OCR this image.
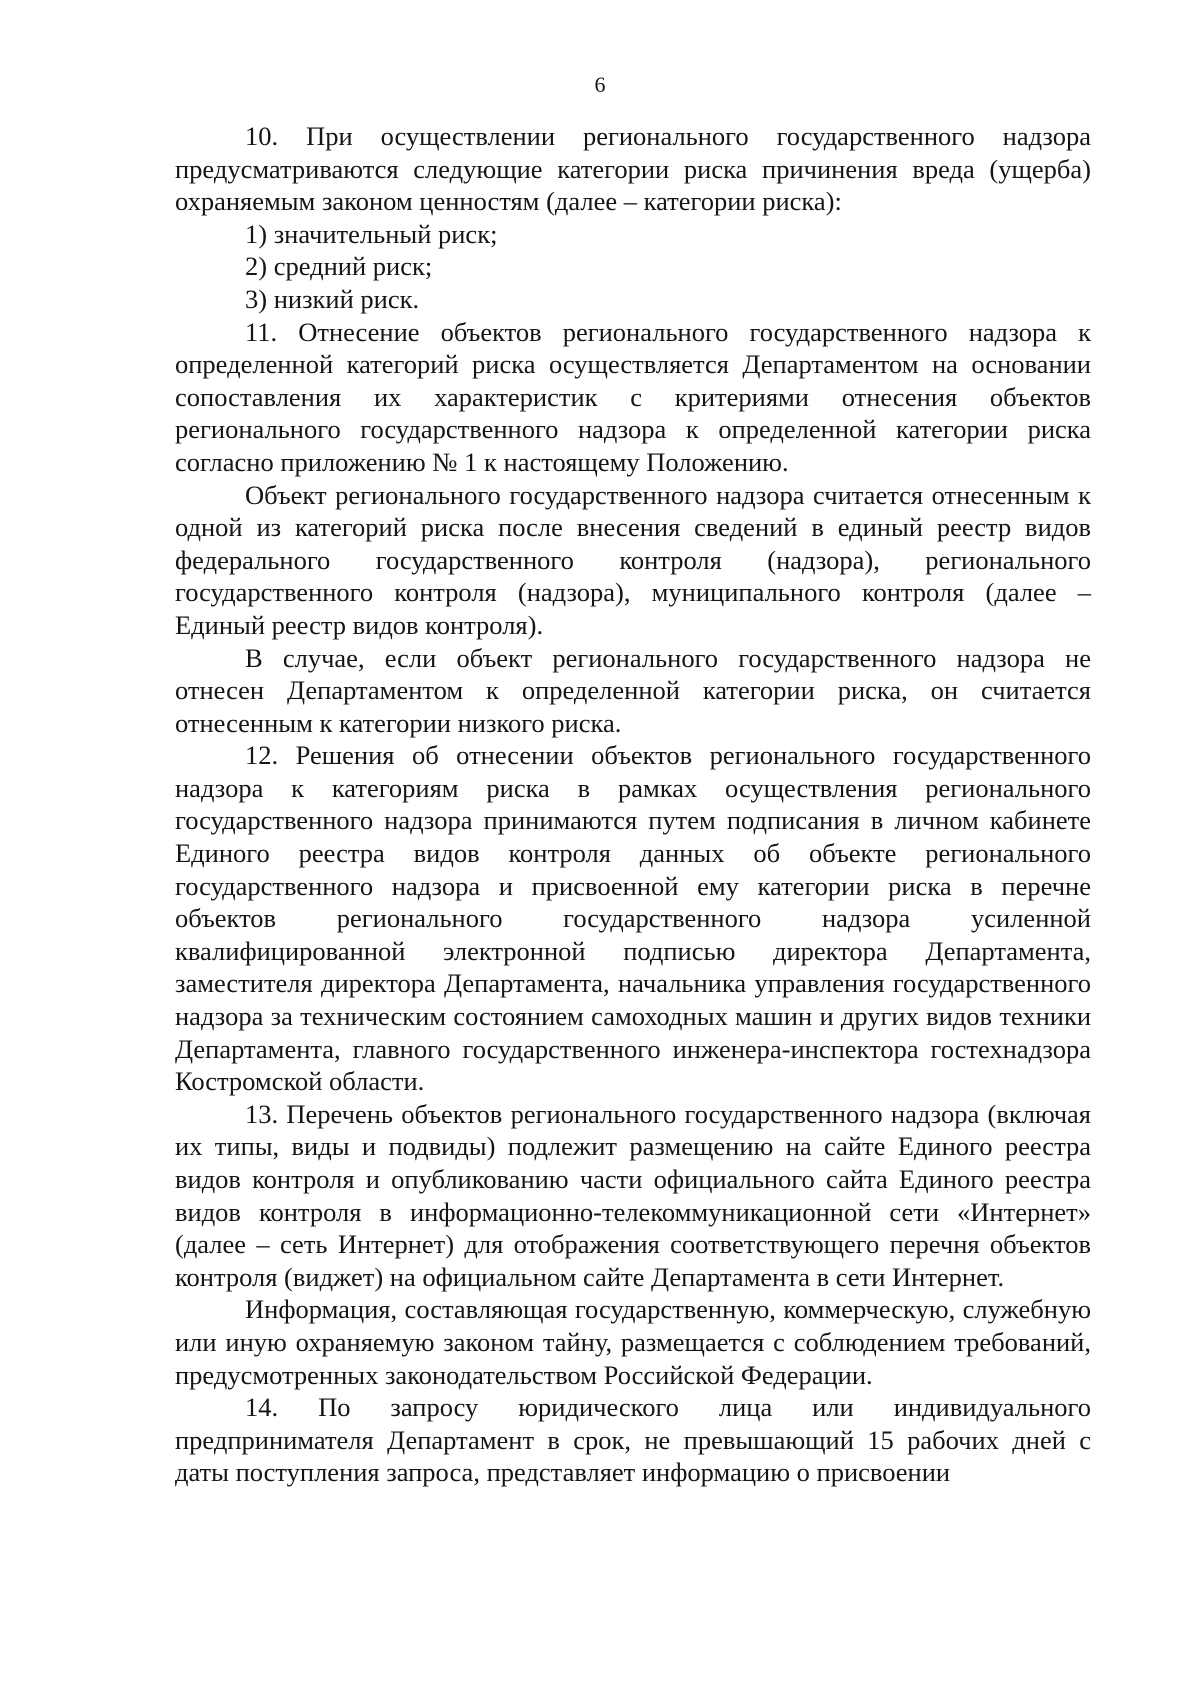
6

10. При осуществлении регионального государственного надзора предусматриваются следующие категории риска причинения вреда (ущерба) охраняемым законом ценностям (далее – категории риска):

1) значительный риск;

2) средний риск;

3) низкий риск.

11. Отнесение объектов регионального государственного надзора к определенной категорий риска осуществляется Департаментом на основании сопоставления их характеристик с критериями отнесения объектов регионального государственного надзора к определенной категории риска согласно приложению № 1 к настоящему Положению.

Объект регионального государственного надзора считается отнесенным к одной из категорий риска после внесения сведений в единый реестр видов федерального государственного контроля (надзора), регионального государственного контроля (надзора), муниципального контроля (далее – Единый реестр видов контроля).

В случае, если объект регионального государственного надзора не отнесен Департаментом к определенной категории риска, он считается отнесенным к категории низкого риска.

12. Решения об отнесении объектов регионального государственного надзора к категориям риска в рамках осуществления регионального государственного надзора принимаются путем подписания в личном кабинете Единого реестра видов контроля данных об объекте регионального государственного надзора и присвоенной ему категории риска в перечне объектов регионального государственного надзора усиленной квалифицированной электронной подписью директора Департамента, заместителя директора Департамента, начальника управления государственного надзора за техническим состоянием самоходных машин и других видов техники Департамента, главного государственного инженера-инспектора гостехнадзора Костромской области.

13. Перечень объектов регионального государственного надзора (включая их типы, виды и подвиды) подлежит размещению на сайте Единого реестра видов контроля и опубликованию части официального сайта Единого реестра видов контроля в информационно-телекоммуникационной сети «Интернет» (далее – сеть Интернет) для отображения соответствующего перечня объектов контроля (виджет) на официальном сайте Департамента в сети Интернет.

Информация, составляющая государственную, коммерческую, служебную или иную охраняемую законом тайну, размещается с соблюдением требований, предусмотренных законодательством Российской Федерации.

14. По запросу юридического лица или индивидуального предпринимателя Департамент в срок, не превышающий 15 рабочих дней с даты поступления запроса, представляет информацию о присвоении
